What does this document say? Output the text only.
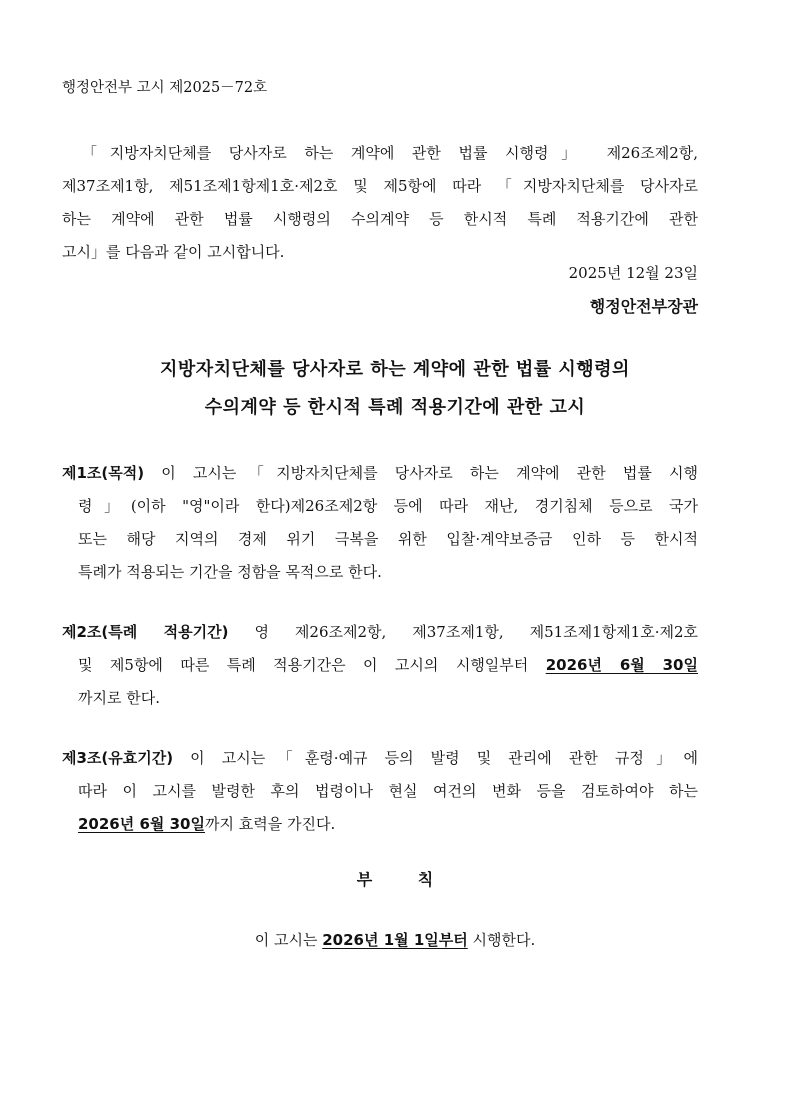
행정안전부 고시 제2025－72호
「지방자치단체를 당사자로 하는 계약에 관한 법률 시행령」 제26조제2항,
제37조제1항, 제51조제1항제1호·제2호 및 제5항에 따라 「지방자치단체를 당사자로
하는 계약에 관한 법률 시행령의 수의계약 등 한시적 특례 적용기간에 관한
고시」를 다음과 같이 고시합니다.
2025년 12월 23일
행정안전부장관
지방자치단체를 당사자로 하는 계약에 관한 법률 시행령의
수의계약 등 한시적 특례 적용기간에 관한 고시
제1조(목적) 이 고시는「지방자치단체를 당사자로 하는 계약에 관한 법률 시행
령」(이하 "영"이라 한다)제26조제2항 등에 따라 재난, 경기침체 등으로 국가
또는 해당 지역의 경제 위기 극복을 위한 입찰·계약보증금 인하 등 한시적
특례가 적용되는 기간을 정함을 목적으로 한다.
제2조(특례 적용기간) 영 제26조제2항, 제37조제1항, 제51조제1항제1호·제2호
및 제5항에 따른 특례 적용기간은 이 고시의 시행일부터 2026년 6월 30일
까지로 한다.
제3조(유효기간) 이 고시는「훈령·예규 등의 발령 및 관리에 관한 규정」에
따라 이 고시를 발령한 후의 법령이나 현실 여건의 변화 등을 검토하여야 하는
2026년 6월 30일까지 효력을 가진다.
부 칙
이 고시는 2026년 1월 1일부터 시행한다.
